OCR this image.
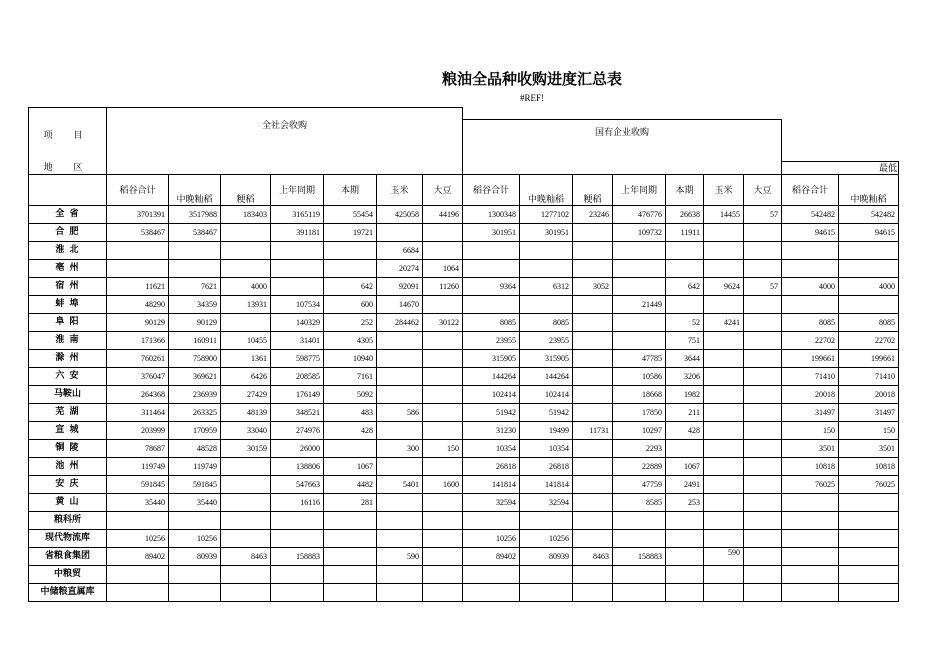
粮油全品种收购进度汇总表
#REF!
项 目
地 区	全社会收购															
								国有企业收购								
															最低	
	稻谷合计	中晚籼稻	粳稻	上年同期	本期	玉米	大豆	稻谷合计	中晚籼稻	粳稻	上年同期	本期	玉米	大豆	稻谷合计	中晚籼稻
全 省	3701391	3517988	183403	3165119	55454	425058	44196	1300348	1277102	23246	476776	26638	14455	57	542482	542482
合 肥	538467	538467		391181	19721			301951	301951		109732	11911			94615	94615
淮 北						6684										
亳 州						20274	1064									
宿 州	11621	7621	4000		642	92091	11260	9364	6312	3052		642	9624	57	4000	4000
蚌 埠	48290	34359	13931	107534	600	14670					21449					
阜 阳	90129	90129		140329	252	284462	30122	8085	8085			52	4241		8085	8085
淮 南	171366	160911	10455	31401	4305			23955	23955			751			22702	22702
滁 州	760261	758900	1361	598775	10940			315905	315905		47785	3644			199661	199661
六 安	376047	369621	6426	208585	7161			144264	144264		10586	3206			71410	71410
马鞍山	264368	236939	27429	176149	5092			102414	102414		18668	1982			20018	20018
芜 湖	311464	263325	48139	348521	483	586		51942	51942		17850	211			31497	31497
宣 城	203999	170959	33040	274976	428			31230	19499	11731	10297	428			150	150
铜 陵	78687	48528	30159	26000		300	150	10354	10354		2293				3501	3501
池 州	119749	119749		138806	1067			26818	26818		22889	1067			10818	10818
安 庆	591845	591845		547663	4482	5401	1600	141814	141814		47759	2491			76025	76025
黄 山	35440	35440		16116	281			32594	32594		8585	253				
粮科所																
现代物流库	10256	10256						10256	10256							
省粮食集团	89402	80939	8463	158883		590		89402	80939	8463	158883		590			
中粮贸																
中储粮直属库																
